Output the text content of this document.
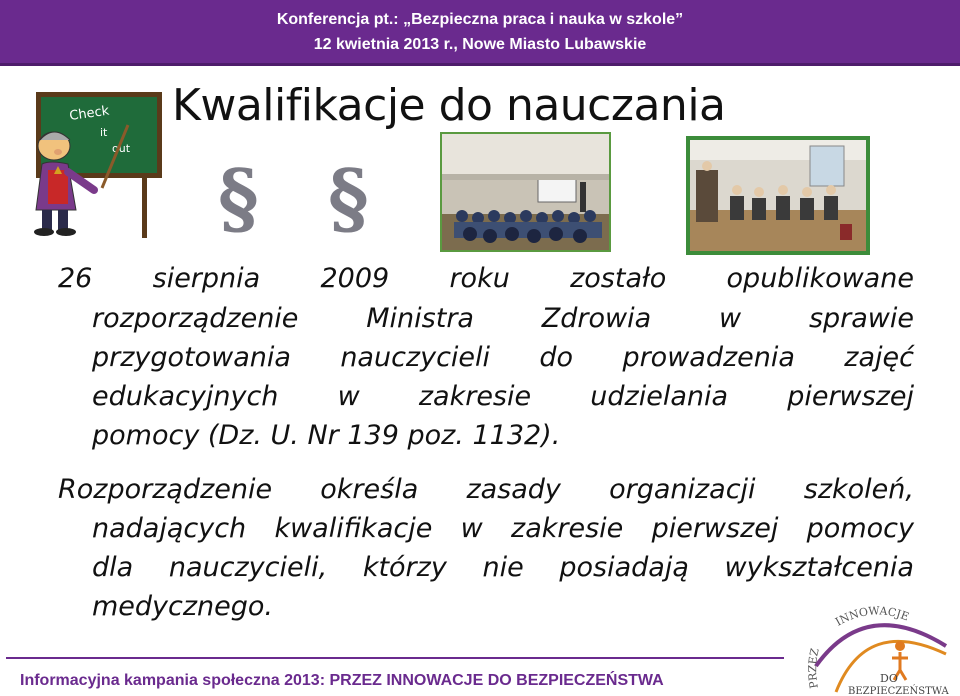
Konferencja pt.: „Bezpieczna praca i nauka w szkole”
12 kwietnia 2013 r., Nowe Miasto Lubawskie
Check
it
out
§ §
Kwalifikacje do nauczania
26 sierpnia 2009 roku zostało opublikowane
rozporządzenie	Ministra	Zdrowia	w	sprawie
przygotowania nauczycieli do prowadzenia zajęć
edukacyjnych w zakresie udzielania pierwszej
pomocy (Dz. U. Nr 139 poz. 1132).
Rozporządzenie określa zasady organizacji szkoleń,
nadających kwalifikacje w zakresie pierwszej pomocy
dla nauczycieli, którzy nie posiadają wykształcenia
medycznego.
Informacyjna kampania społeczna 2013: PRZEZ INNOWACJE DO BEZPIECZEŃSTWA	PRZEZ
INNOWACJE
DO
BEZPIECZEŃSTWA
